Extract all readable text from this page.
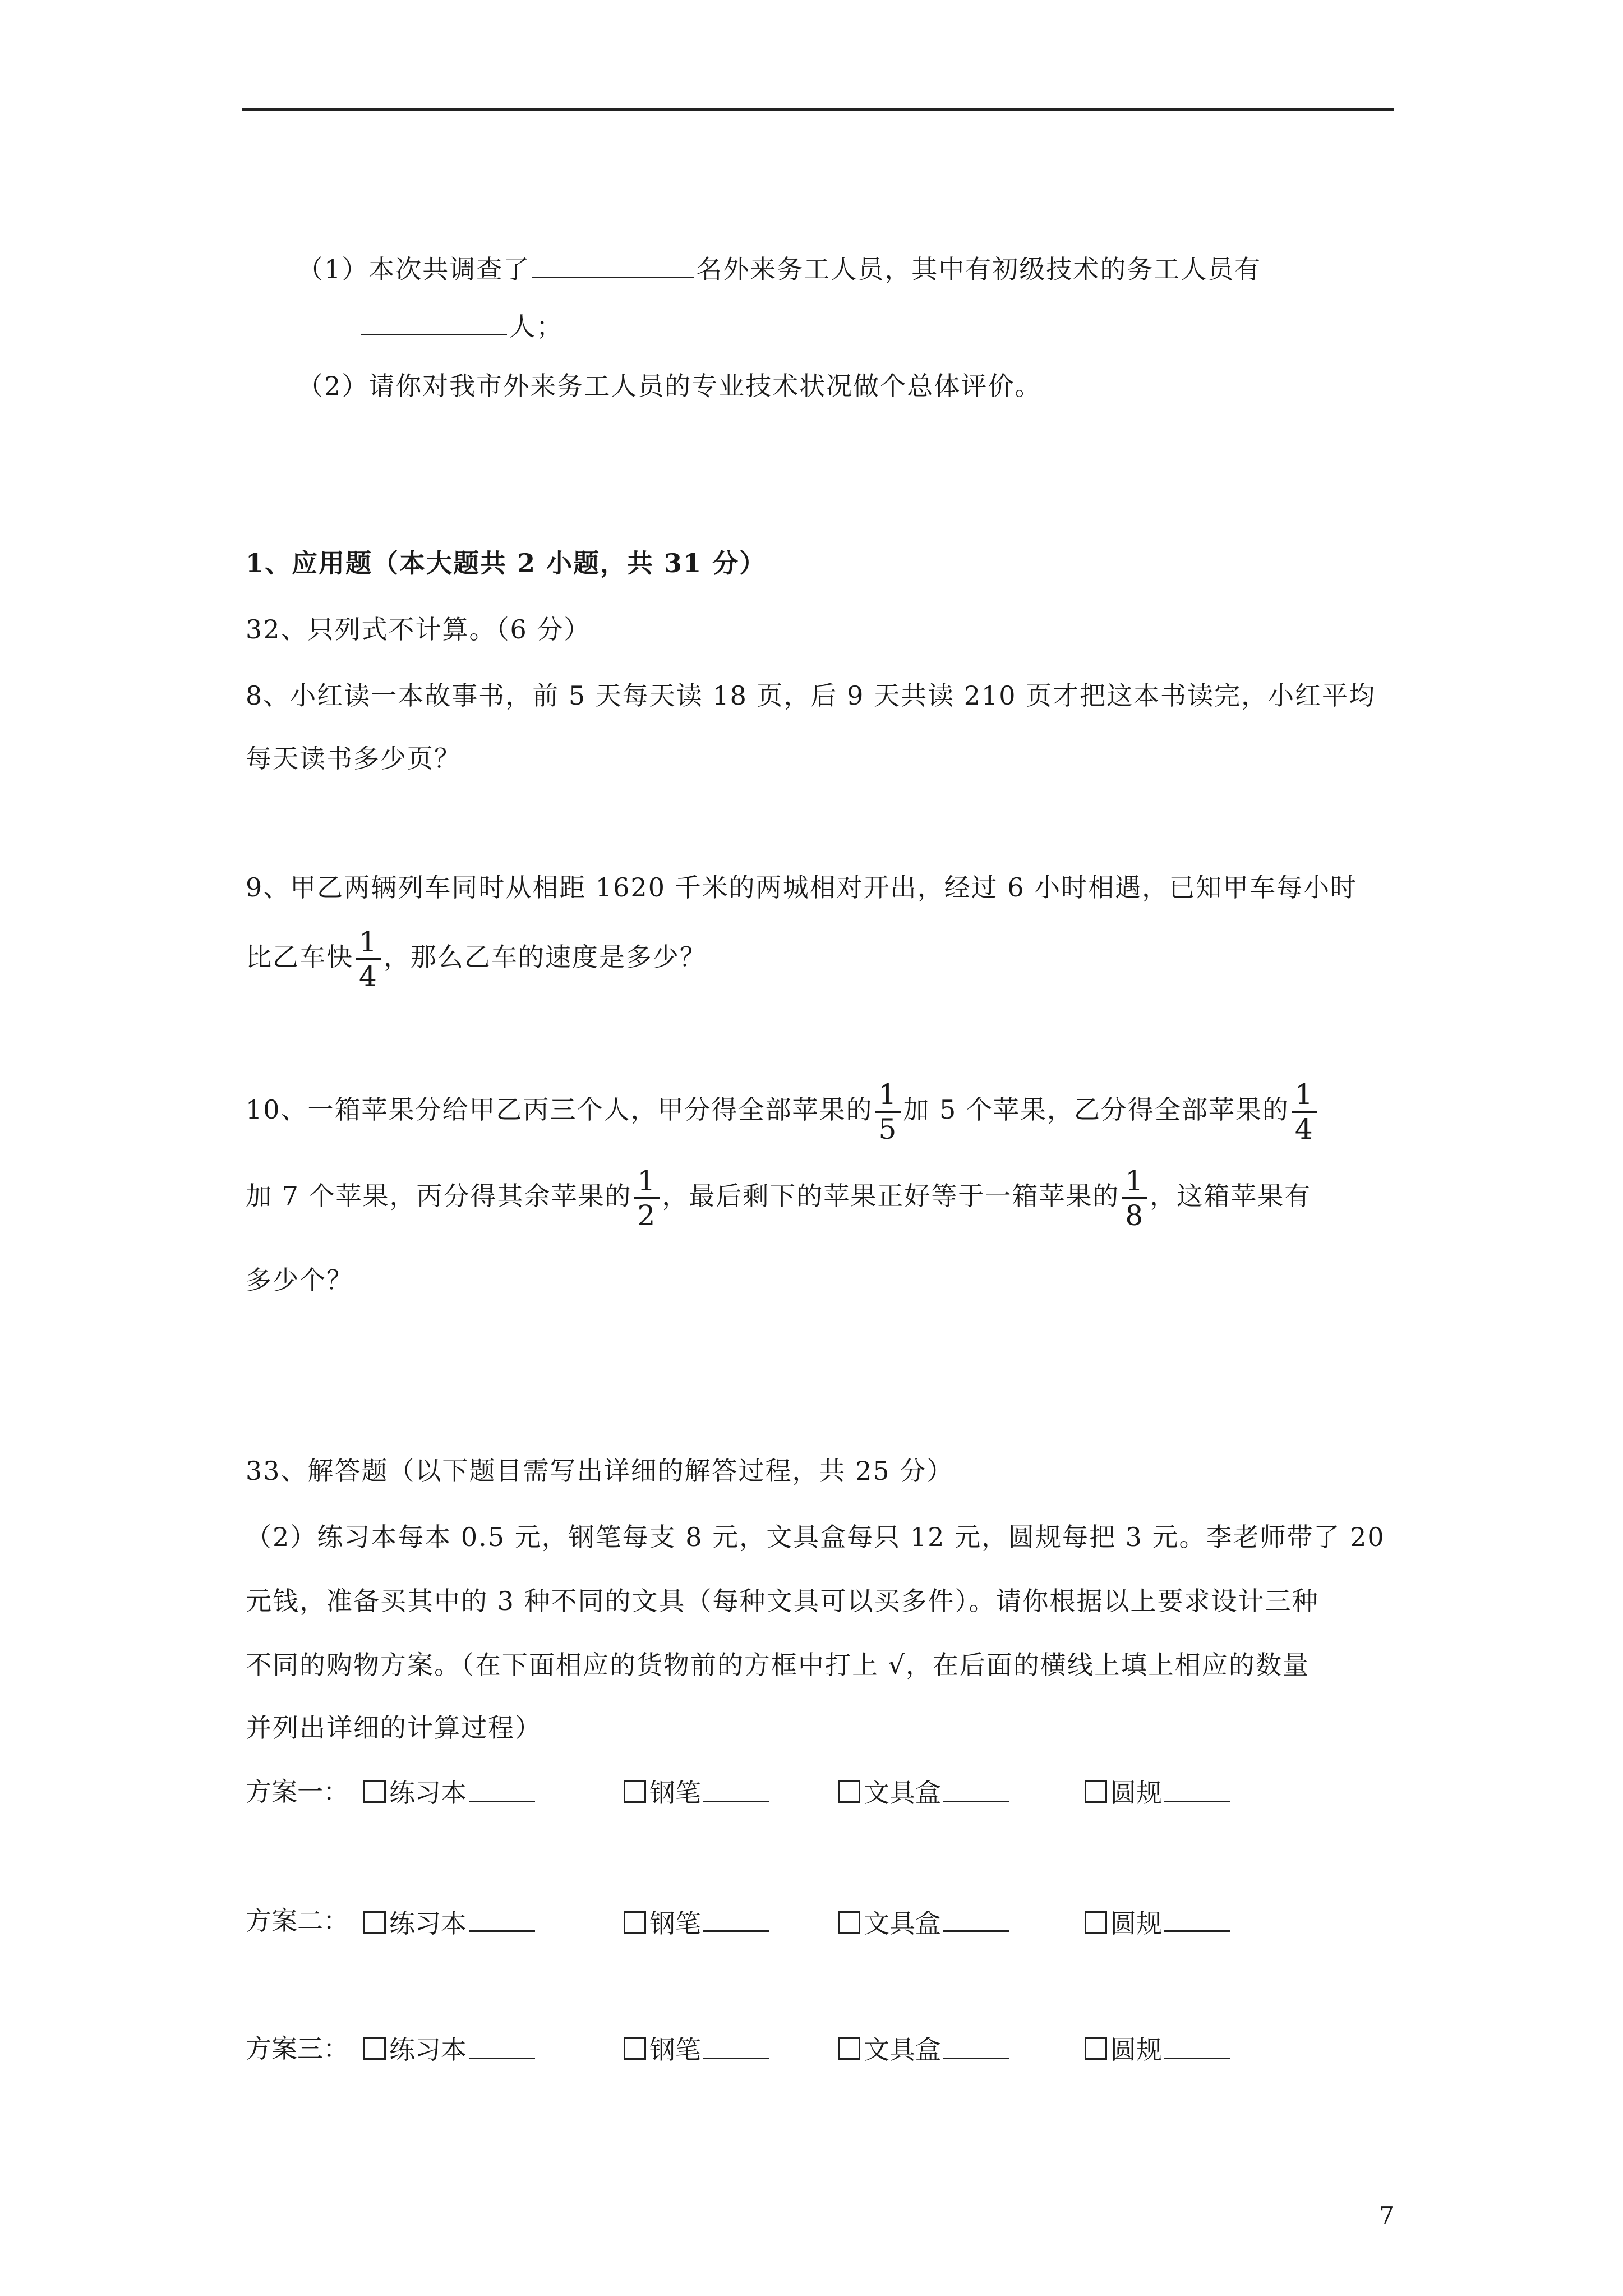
（1）本次共调查了	名外来务工人员，其中有初级技术的务工人员有
人；
（2）请你对我市外来务工人员的专业技术状况做个总体评价。
1、应用题（本大题共 2 小题，共 31 分）
32、只列式不计算。（6 分）
8、小红读一本故事书，前 5 天每天读 18 页，后 9 天共读 210 页才把这本书读完，小红平均
每天读书多少页？
9、甲乙两辆列车同时从相距 1620 千米的两城相对开出，经过 6 小时相遇，已知甲车每小时
比乙车快 $\frac{1}{4}$ ，那么乙车的速度是多少？
10、一箱苹果分给甲乙丙三个人，甲分得全部苹果的 $\frac{1}{5}$ 加 5 个苹果，乙分得全部苹果的 $\frac{1}{4}$
加 7 个苹果，丙分得其余苹果的 $\frac{1}{2}$ ，最后剩下的苹果正好等于一箱苹果的 $\frac{1}{8}$ ，这箱苹果有
多少个？
33、解答题（以下题目需写出详细的解答过程，共 25 分）
（2）练习本每本 0.5 元，钢笔每支 8 元，文具盒每只 12 元，圆规每把 3 元。李老师带了 20
元钱，准备买其中的 3 种不同的文具（每种文具可以买多件）。请你根据以上要求设计三种
不同的购物方案。（在下面相应的货物前的方框中打上 √，在后面的横线上填上相应的数量
并列出详细的计算过程）
方案一：	练习本	钢笔	文具盒	圆规
方案二：	练习本	钢笔	文具盒	圆规
方案三：	练习本	钢笔	文具盒	圆规
7
